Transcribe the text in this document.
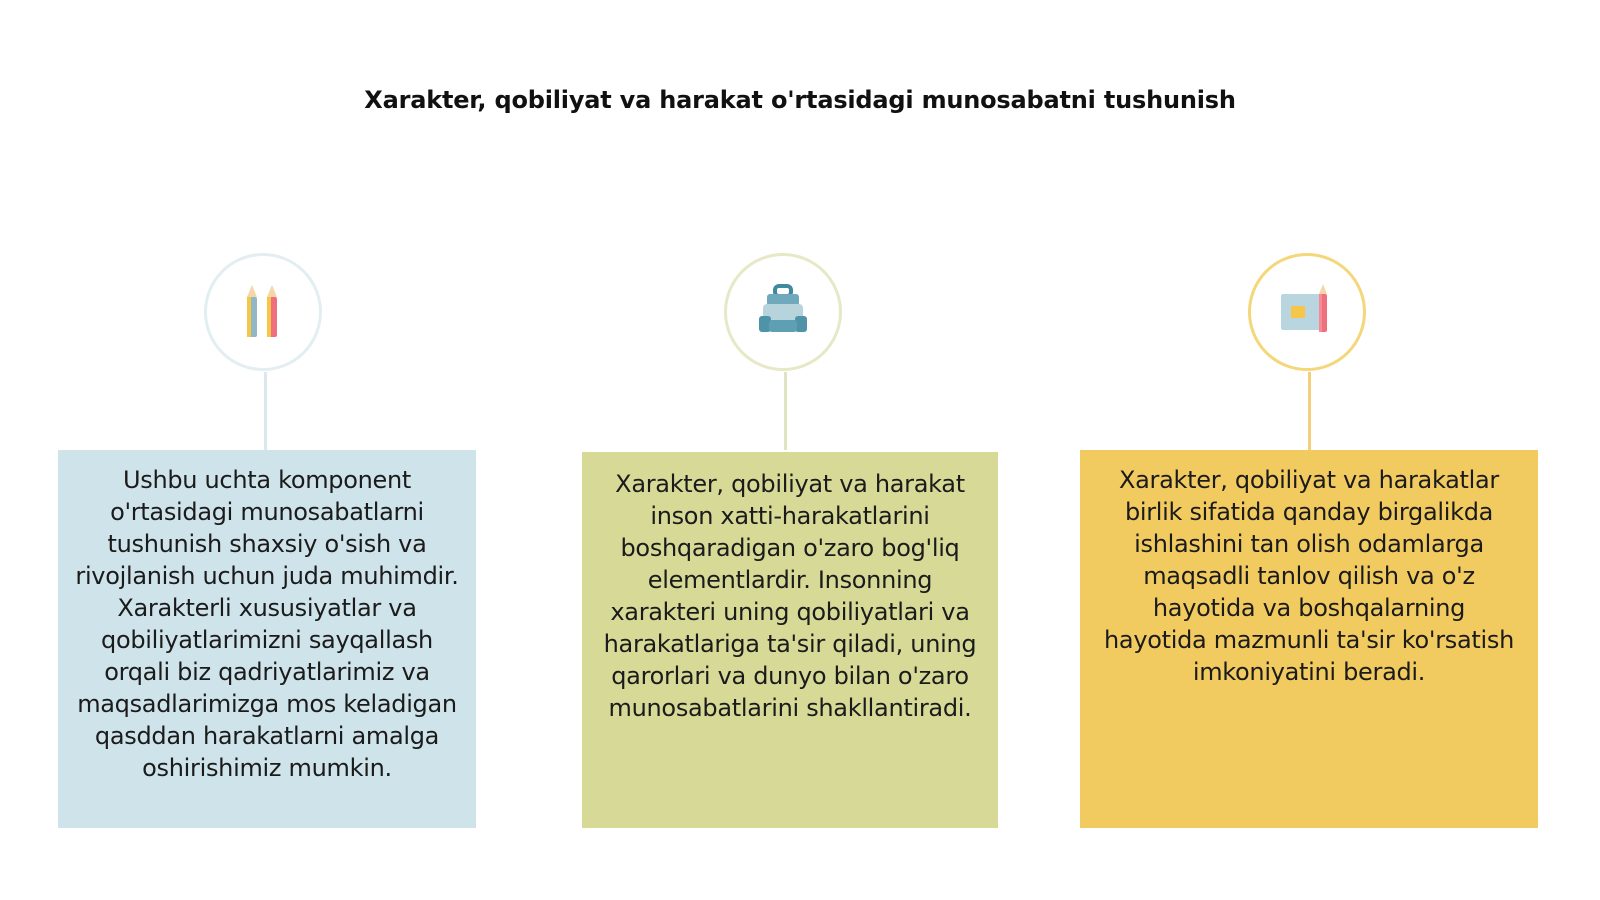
Xarakter, qobiliyat va harakat o'rtasidagi munosabatni tushunish
Ushbu uchta komponent o'rtasidagi munosabatlarni tushunish shaxsiy o'sish va rivojlanish uchun juda muhimdir. Xarakterli xususiyatlar va qobiliyatlarimizni sayqallash orqali biz qadriyatlarimiz va maqsadlarimizga mos keladigan qasddan harakatlarni amalga oshirishimiz mumkin.
Xarakter, qobiliyat va harakat inson xatti-harakatlarini boshqaradigan o'zaro bog'liq elementlardir. Insonning xarakteri uning qobiliyatlari va harakatlariga ta'sir qiladi, uning qarorlari va dunyo bilan o'zaro munosabatlarini shakllantiradi.
Xarakter, qobiliyat va harakatlar birlik sifatida qanday birgalikda ishlashini tan olish odamlarga maqsadli tanlov qilish va o'z hayotida va boshqalarning hayotida mazmunli ta'sir ko'rsatish imkoniyatini beradi.
